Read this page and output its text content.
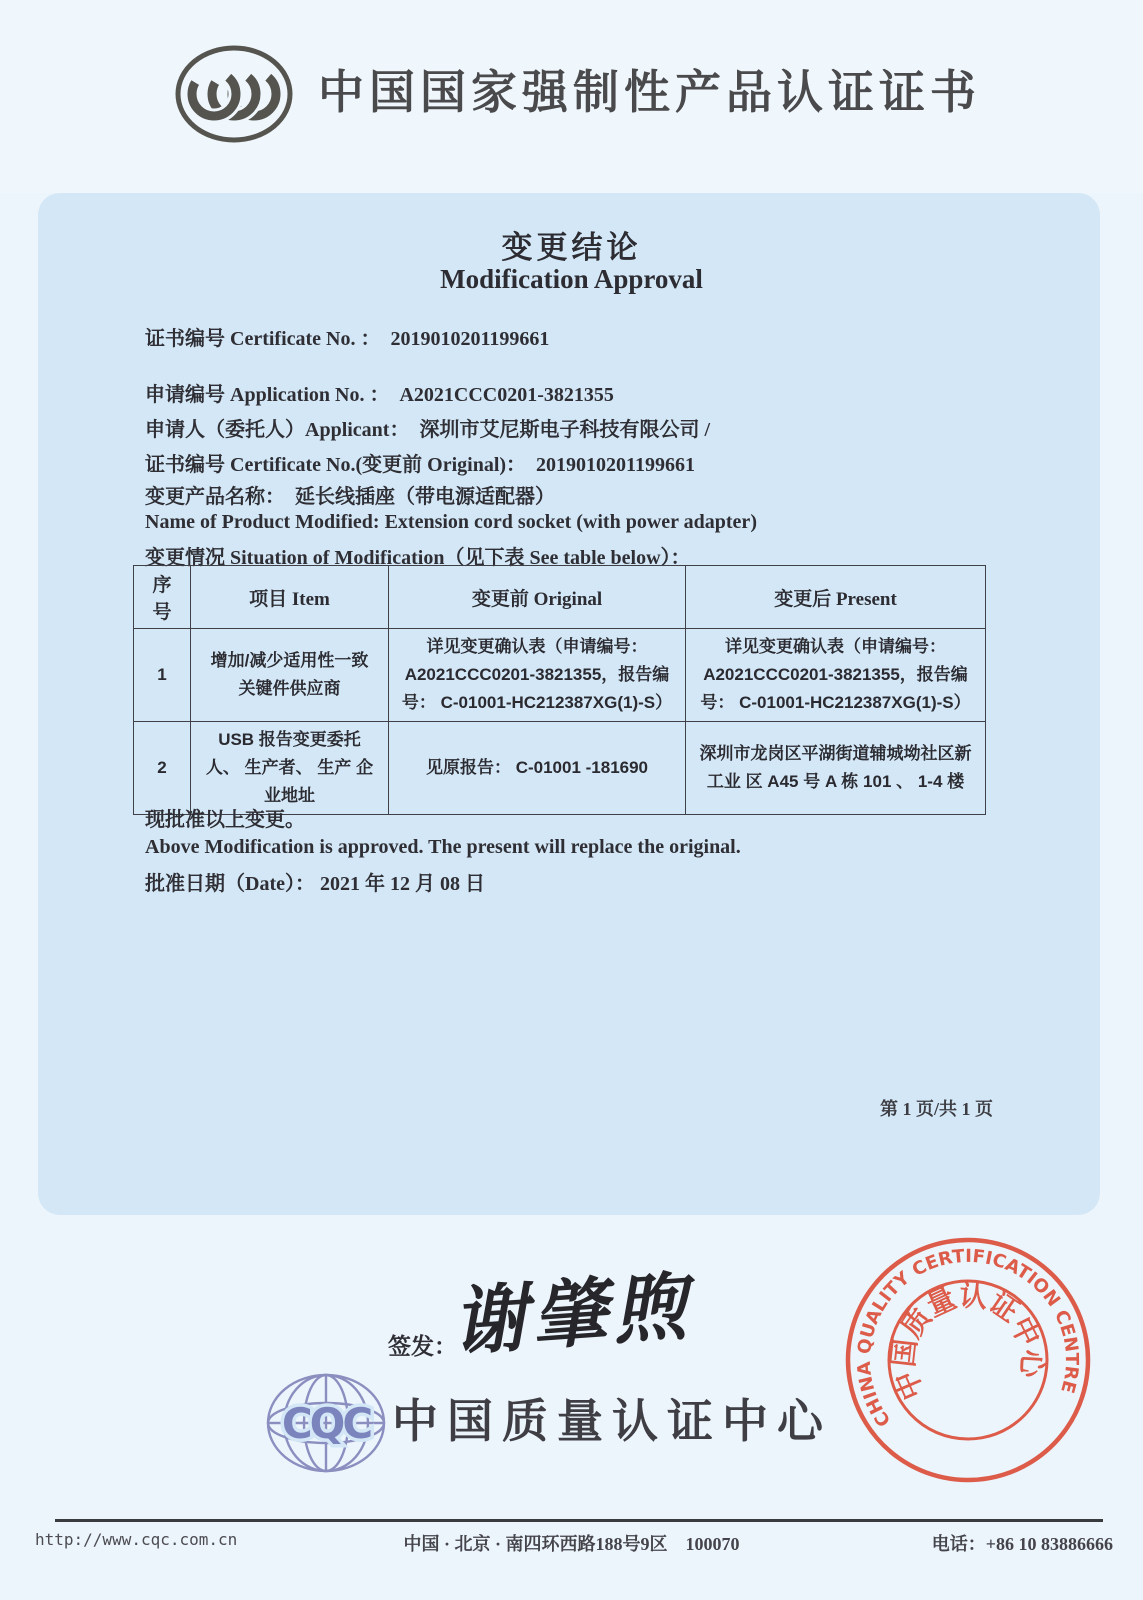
中国国家强制性产品认证证书
变更结论
Modification Approval
证书编号 Certificate No. ： 2019010201199661
申请编号 Application No. ： A2021CCC0201-3821355
申请人（委托人）Applicant： 深圳市艾尼斯电子科技有限公司 /
证书编号 Certificate No.(变更前 Original)： 2019010201199661
变更产品名称： 延长线插座（带电源适配器）
Name of Product Modified: Extension cord socket (with power adapter)
变更情况 Situation of Modification（见下表 See table below）：
序号	项目 Item	变更前 Original	变更后 Present
1	增加/减少适用性一致 关键件供应商	详见变更确认表（申请编号： A2021CCC0201-3821355，报告编号： C-01001-HC212387XG(1)-S）	详见变更确认表（申请编号： A2021CCC0201-3821355，报告编号： C-01001-HC212387XG(1)-S）
2	USB 报告变更委托 人、 生产者、 生产 企业地址	见原报告： C-01001 -181690	深圳市龙岗区平湖街道辅城坳社区新 工业 区 A45 号 A 栋 101 、 1-4 楼
现批准以上变更。
Above Modification is approved. The present will replace the original.
批准日期（Date）： 2021 年 12 月 08 日
第 1 页/共 1 页
签发：
谢肇煦
CQC 中国质量认证中心	CHINA QUALITY CERTIFICATION CENTRE
中国质量认证中心
http://www.cqc.com.cn	中国 · 北京 · 南四环西路188号9区　100070	电话：+86 10 83886666
